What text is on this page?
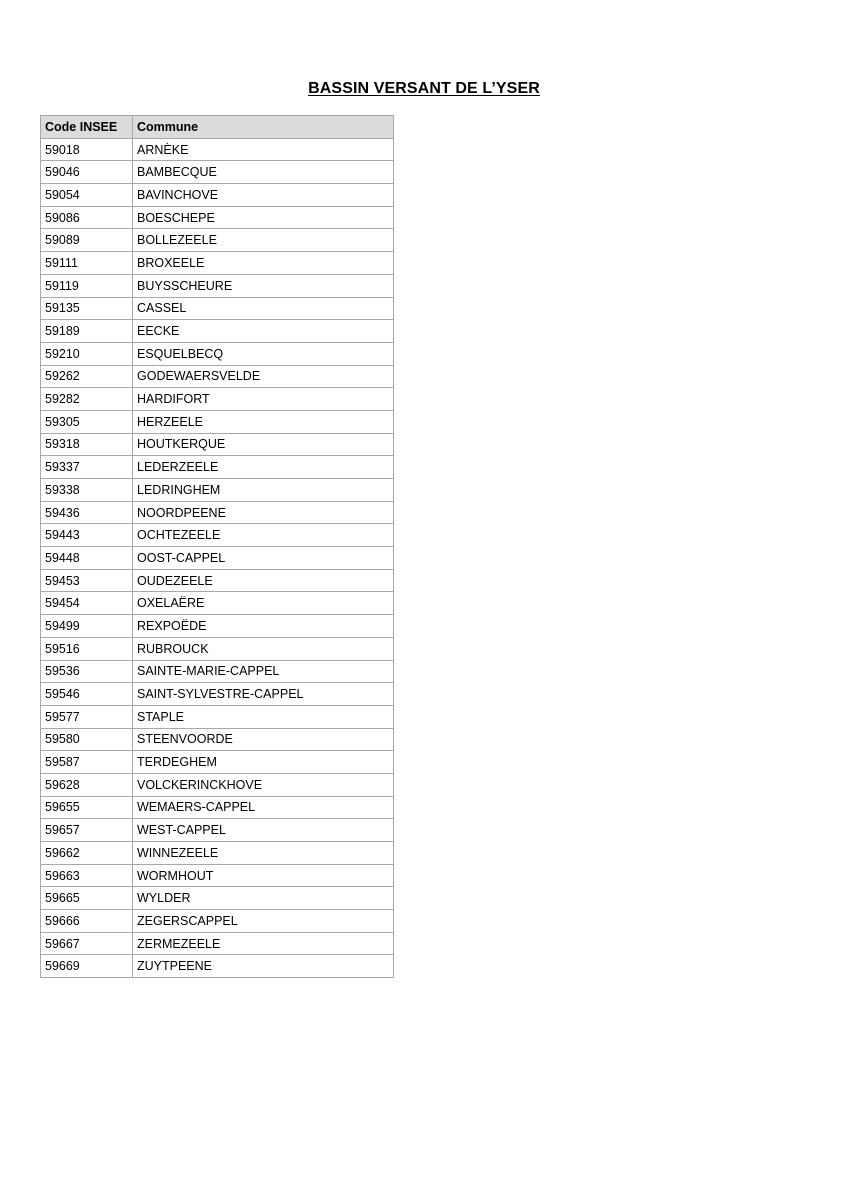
BASSIN VERSANT DE L’YSER
Code INSEE	Commune
59018	ARNÈKE
59046	BAMBECQUE
59054	BAVINCHOVE
59086	BOESCHEPE
59089	BOLLEZEELE
59111	BROXEELE
59119	BUYSSCHEURE
59135	CASSEL
59189	EECKE
59210	ESQUELBECQ
59262	GODEWAERSVELDE
59282	HARDIFORT
59305	HERZEELE
59318	HOUTKERQUE
59337	LEDERZEELE
59338	LEDRINGHEM
59436	NOORDPEENE
59443	OCHTEZEELE
59448	OOST-CAPPEL
59453	OUDEZEELE
59454	OXELAËRE
59499	REXPOËDE
59516	RUBROUCK
59536	SAINTE-MARIE-CAPPEL
59546	SAINT-SYLVESTRE-CAPPEL
59577	STAPLE
59580	STEENVOORDE
59587	TERDEGHEM
59628	VOLCKERINCKHOVE
59655	WEMAERS-CAPPEL
59657	WEST-CAPPEL
59662	WINNEZEELE
59663	WORMHOUT
59665	WYLDER
59666	ZEGERSCAPPEL
59667	ZERMEZEELE
59669	ZUYTPEENE
